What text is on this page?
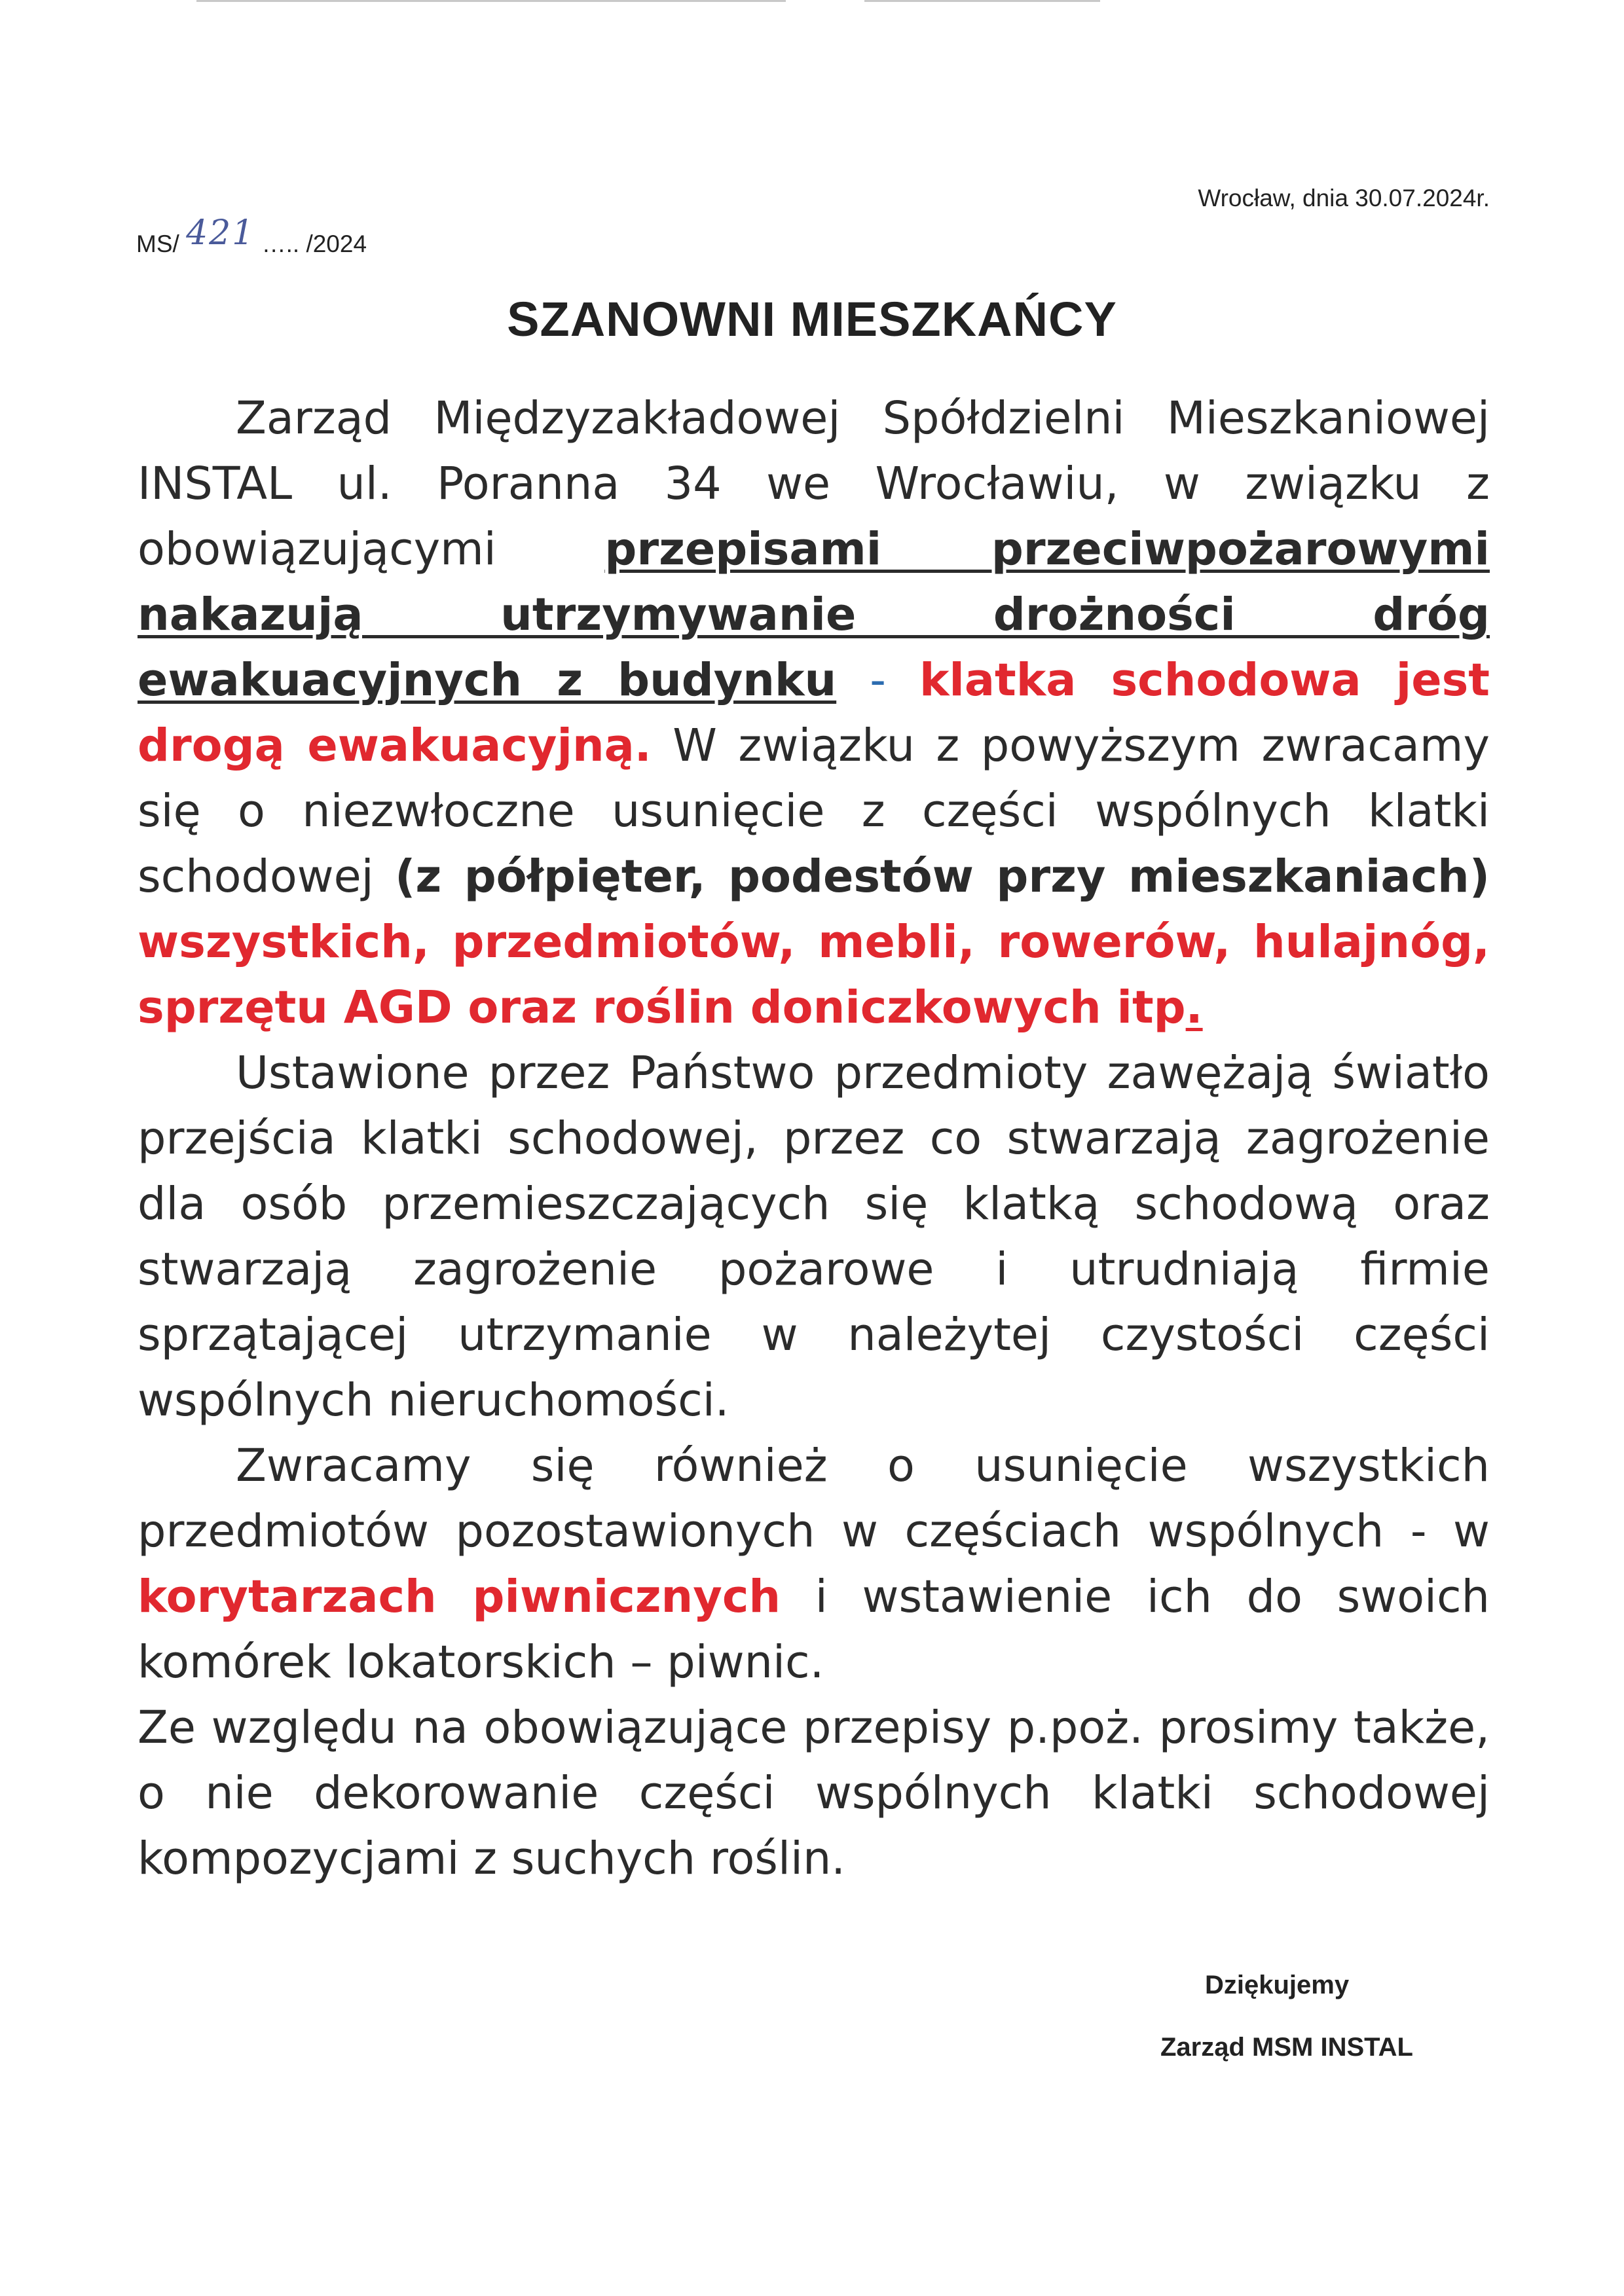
Wrocław, dnia 30.07.2024r.
MS/ 421 ….. /2024
SZANOWNI MIESZKAŃCY

Zarząd Międzyzakładowej Spółdzielni Mieszkaniowej INSTAL ul. Poranna 34 we Wrocławiu, w związku z obowiązującymi przepisami przeciwpożarowymi nakazują utrzymywanie drożności dróg ewakuacyjnych z budynku - klatka schodowa jest drogą ewakuacyjną. W związku z powyższym zwracamy się o niezwłoczne usunięcie z części wspólnych klatki schodowej (z półpięter, podestów przy mieszkaniach) wszystkich, przedmiotów, mebli, rowerów, hulajnóg, sprzętu AGD oraz roślin doniczkowych itp.

Ustawione przez Państwo przedmioty zawężają światło przejścia klatki schodowej, przez co stwarzają zagrożenie dla osób przemieszczających się klatką schodową oraz stwarzają zagrożenie pożarowe i utrudniają firmie sprzątającej utrzymanie w należytej czystości części wspólnych nieruchomości.

Zwracamy się również o usunięcie wszystkich przedmiotów pozostawionych w częściach wspólnych - w korytarzach piwnicznych i wstawienie ich do swoich komórek lokatorskich – piwnic.

Ze względu na obowiązujące przepisy p.poż. prosimy także, o nie dekorowanie części wspólnych klatki schodowej kompozycjami z suchych roślin.

Dziękujemy
Zarząd MSM INSTAL
